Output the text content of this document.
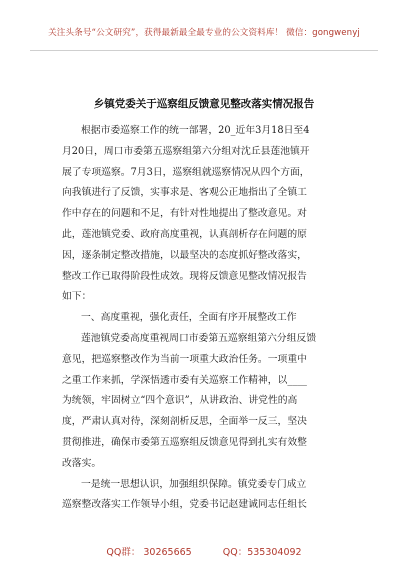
关注头条号“公文研究”，获得最新最全最专业的公文资料库！ 微信：gongwenyj
乡镇党委关于巡察组反馈意见整改落实情况报告
根据市委巡察工作的统一部署，20_近年3月18日至4
月20日，周口市委第五巡察组第六分组对沈丘县莲池镇开
展了专项巡察。7月3日，巡察组就巡察情况从四个方面，
向我镇进行了反馈，实事求是、客观公正地指出了全镇工
作中存在的问题和不足，有针对性地提出了整改意见。对
此，莲池镇党委、政府高度重视，认真剖析存在问题的原
因，逐条制定整改措施，以最坚决的态度抓好整改落实，
整改工作已取得阶段性成效。现将反馈意见整改情况报告
如下：
一、高度重视，强化责任，全面有序开展整改工作
莲池镇党委高度重视周口市委第五巡察组第六分组反馈
意见，把巡察整改作为当前一项重大政治任务。一项重中
之重工作来抓，学深悟透市委有关巡察工作精神，以____
为统领，牢固树立“四个意识”，从讲政治、讲党性的高
度，严肃认真对待，深刻剖析反思，全面举一反三，坚决
贯彻推进，确保市委第五巡察组反馈意见得到扎实有效整
改落实。
一是统一思想认识，加强组织保障。镇党委专门成立
巡察整改落实工作领导小组，党委书记赵建诚同志任组长
QQ群： 30265665	QQ：535304092
